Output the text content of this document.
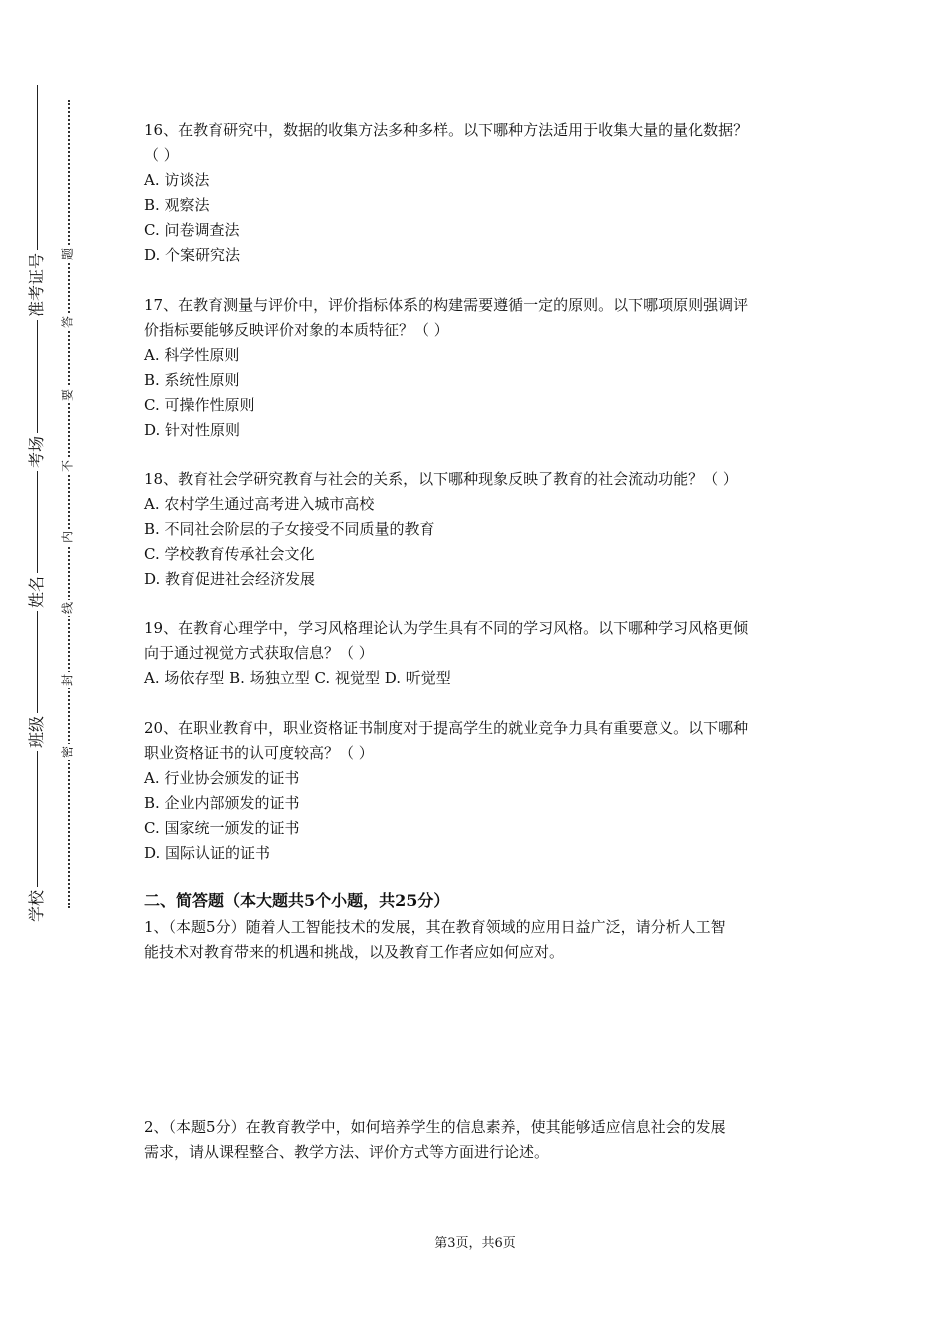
准考证号
考场
姓名
班级
学校
题
答
要
不
内
线
封
密

16、在教育研究中，数据的收集方法多种多样。以下哪种方法适用于收集大量的量化数据？

（ ）

A. 访谈法

B. 观察法

C. 问卷调查法

D. 个案研究法

17、在教育测量与评价中，评价指标体系的构建需要遵循一定的原则。以下哪项原则强调评

价指标要能够反映评价对象的本质特征？（ ）

A. 科学性原则

B. 系统性原则

C. 可操作性原则

D. 针对性原则

18、教育社会学研究教育与社会的关系，以下哪种现象反映了教育的社会流动功能？（ ）

A. 农村学生通过高考进入城市高校

B. 不同社会阶层的子女接受不同质量的教育

C. 学校教育传承社会文化

D. 教育促进社会经济发展

19、在教育心理学中，学习风格理论认为学生具有不同的学习风格。以下哪种学习风格更倾

向于通过视觉方式获取信息？（ ）

A. 场依存型 B. 场独立型 C. 视觉型 D. 听觉型

20、在职业教育中，职业资格证书制度对于提高学生的就业竞争力具有重要意义。以下哪种

职业资格证书的认可度较高？（ ）

A. 行业协会颁发的证书

B. 企业内部颁发的证书

C. 国家统一颁发的证书

D. 国际认证的证书

二、简答题（本大题共5个小题，共25分）

1、（本题5分）随着人工智能技术的发展，其在教育领域的应用日益广泛，请分析人工智

能技术对教育带来的机遇和挑战，以及教育工作者应如何应对。

2、（本题5分）在教育教学中，如何培养学生的信息素养，使其能够适应信息社会的发展

需求，请从课程整合、教学方法、评价方式等方面进行论述。

第3页，共6页
